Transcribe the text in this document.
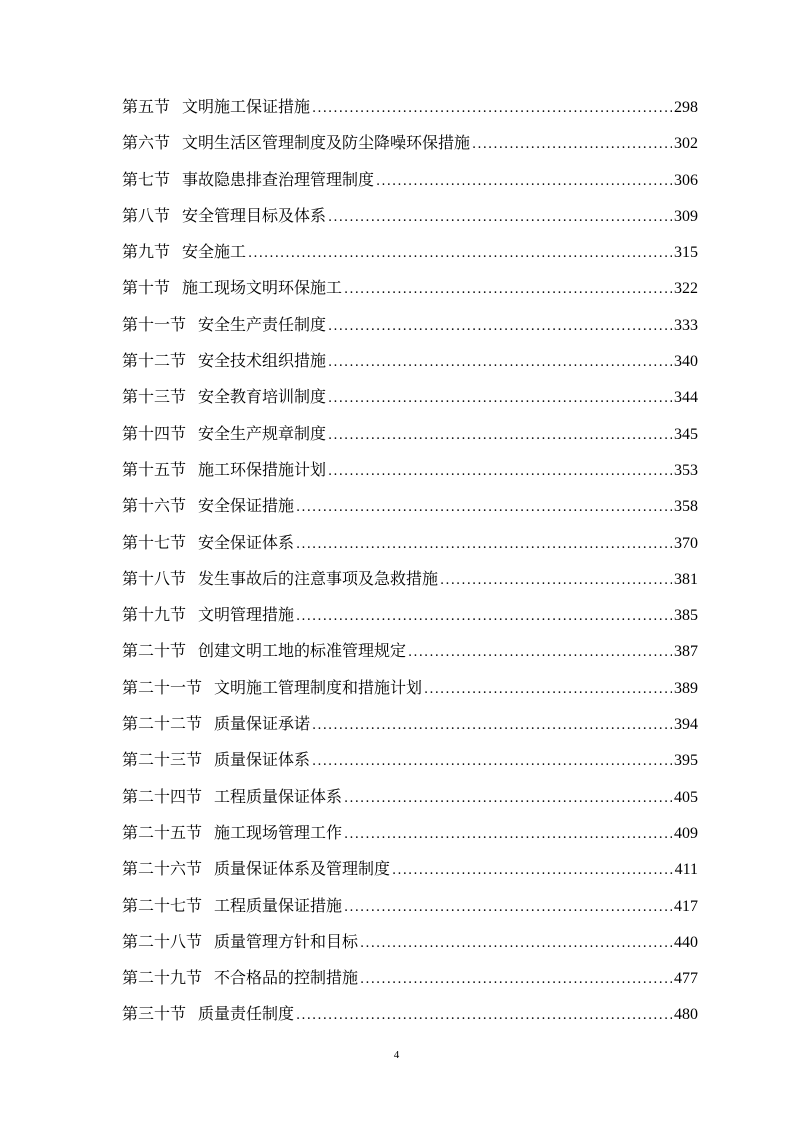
第五节 文明施工保证措施 .....	298
第六节 文明生活区管理制度及防尘降噪环保措施 .....	302
第七节 事故隐患排查治理管理制度 .....	306
第八节 安全管理目标及体系 .....	309
第九节 安全施工 .....	315
第十节 施工现场文明环保施工 .....	322
第十一节 安全生产责任制度 .....	333
第十二节 安全技术组织措施 .....	340
第十三节 安全教育培训制度 .....	344
第十四节 安全生产规章制度 .....	345
第十五节 施工环保措施计划 .....	353
第十六节 安全保证措施 .....	358
第十七节 安全保证体系 .....	370
第十八节 发生事故后的注意事项及急救措施 .....	381
第十九节 文明管理措施 .....	385
第二十节 创建文明工地的标准管理规定 .....	387
第二十一节 文明施工管理制度和措施计划 .....	389
第二十二节 质量保证承诺 .....	394
第二十三节 质量保证体系 .....	395
第二十四节 工程质量保证体系 .....	405
第二十五节 施工现场管理工作 .....	409
第二十六节 质量保证体系及管理制度 .....	411
第二十七节 工程质量保证措施 .....	417
第二十八节 质量管理方针和目标 .....	440
第二十九节 不合格品的控制措施 .....	477
第三十节 质量责任制度 .....	480
4
